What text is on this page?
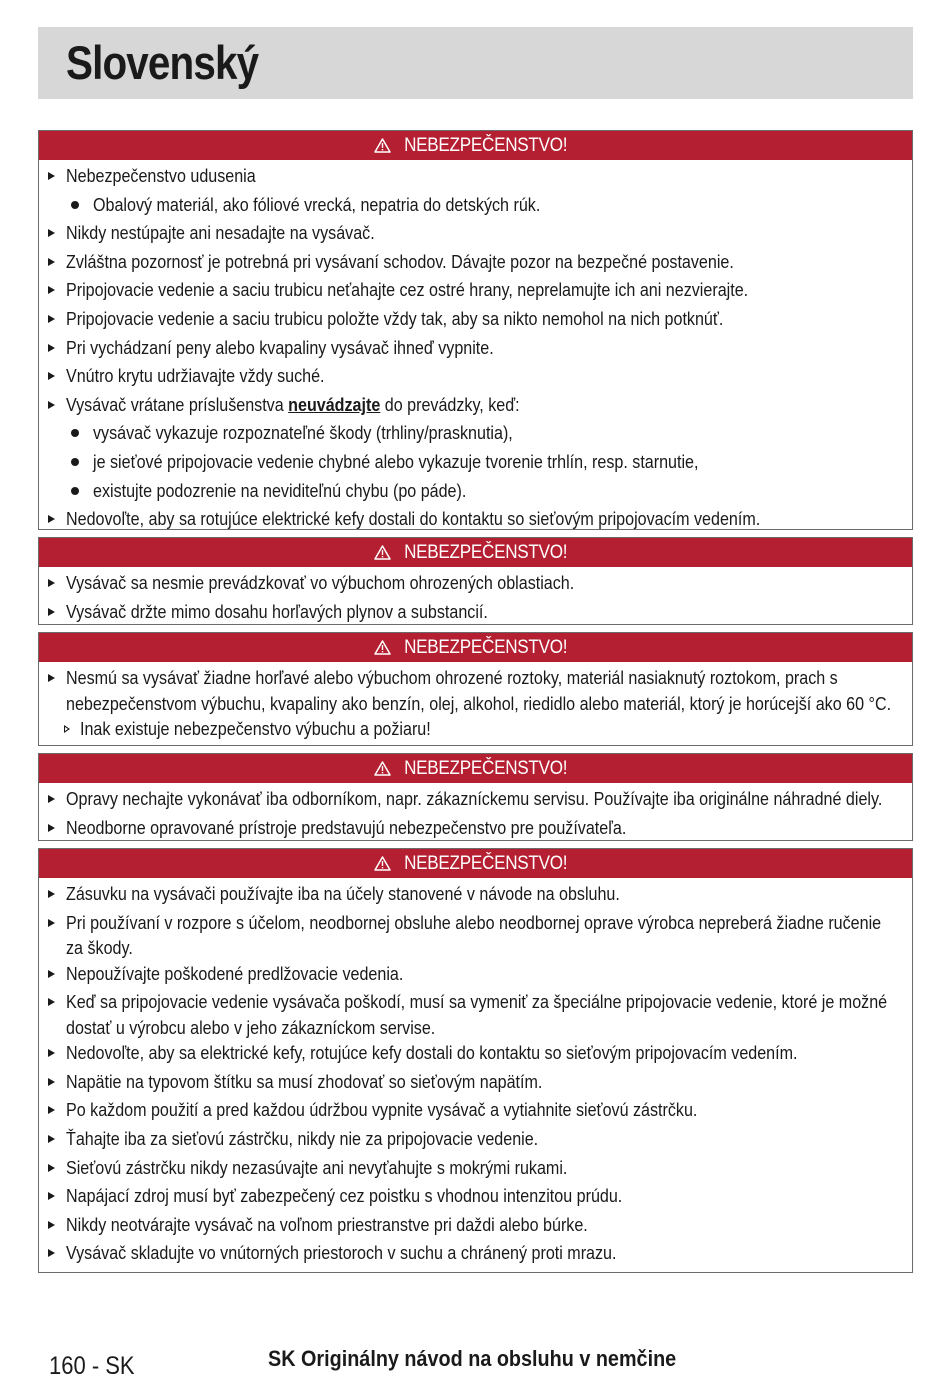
Slovenský
NEBEZPEČENSTVO!
Nebezpečenstvo udusenia
Obalový materiál, ako fóliové vrecká, nepatria do detských rúk.
Nikdy nestúpajte ani nesadajte na vysávač.
Zvláštna pozornosť je potrebná pri vysávaní schodov. Dávajte pozor na bezpečné postavenie.
Pripojovacie vedenie a saciu trubicu neťahajte cez ostré hrany, neprelamujte ich ani nezvierajte.
Pripojovacie vedenie a saciu trubicu položte vždy tak, aby sa nikto nemohol na nich potknúť.
Pri vychádzaní peny alebo kvapaliny vysávač ihneď vypnite.
Vnútro krytu udržiavajte vždy suché.
Vysávač vrátane príslušenstva neuvádzajte do prevádzky, keď:
vysávač vykazuje rozpoznateľné škody (trhliny/prasknutia),
je sieťové pripojovacie vedenie chybné alebo vykazuje tvorenie trhlín, resp. starnutie,
existujte podozrenie na neviditeľnú chybu (po páde).
Nedovoľte, aby sa rotujúce elektrické kefy dostali do kontaktu so sieťovým pripojovacím vedením.
NEBEZPEČENSTVO!
Vysávač sa nesmie prevádzkovať vo výbuchom ohrozených oblastiach.
Vysávač držte mimo dosahu horľavých plynov a substancií.
NEBEZPEČENSTVO!
Nesmú sa vysávať žiadne horľavé alebo výbuchom ohrozené roztoky, materiál nasiaknutý roztokom, prach s nebezpečenstvom výbuchu, kvapaliny ako benzín, olej, alkohol, riedidlo alebo materiál, ktorý je horúcejší ako 60 °C.
Inak existuje nebezpečenstvo výbuchu a požiaru!
NEBEZPEČENSTVO!
Opravy nechajte vykonávať iba odborníkom, napr. zákazníckemu servisu. Používajte iba originálne náhradné diely.
Neodborne opravované prístroje predstavujú nebezpečenstvo pre používateľa.
NEBEZPEČENSTVO!
Zásuvku na vysávači používajte iba na účely stanovené v návode na obsluhu.
Pri používaní v rozpore s účelom, neodbornej obsluhe alebo neodbornej oprave výrobca nepreberá žiadne ručenie za škody.
Nepoužívajte poškodené predlžovacie vedenia.
Keď sa pripojovacie vedenie vysávača poškodí, musí sa vymeniť za špeciálne pripojovacie vedenie, ktoré je možné dostať u výrobcu alebo v jeho zákazníckom servise.
Nedovoľte, aby sa elektrické kefy, rotujúce kefy dostali do kontaktu so sieťovým pripojovacím vedením.
Napätie na typovom štítku sa musí zhodovať so sieťovým napätím.
Po každom použití a pred každou údržbou vypnite vysávač a vytiahnite sieťovú zástrčku.
Ťahajte iba za sieťovú zástrčku, nikdy nie za pripojovacie vedenie.
Sieťovú zástrčku nikdy nezasúvajte ani nevyťahujte s mokrými rukami.
Napájací zdroj musí byť zabezpečený cez poistku s vhodnou intenzitou prúdu.
Nikdy neotvárajte vysávač na voľnom priestranstve pri daždi alebo búrke.
Vysávač skladujte vo vnútorných priestoroch v suchu a chránený proti mrazu.
160 - SK	SK Originálny návod na obsluhu v nemčine
